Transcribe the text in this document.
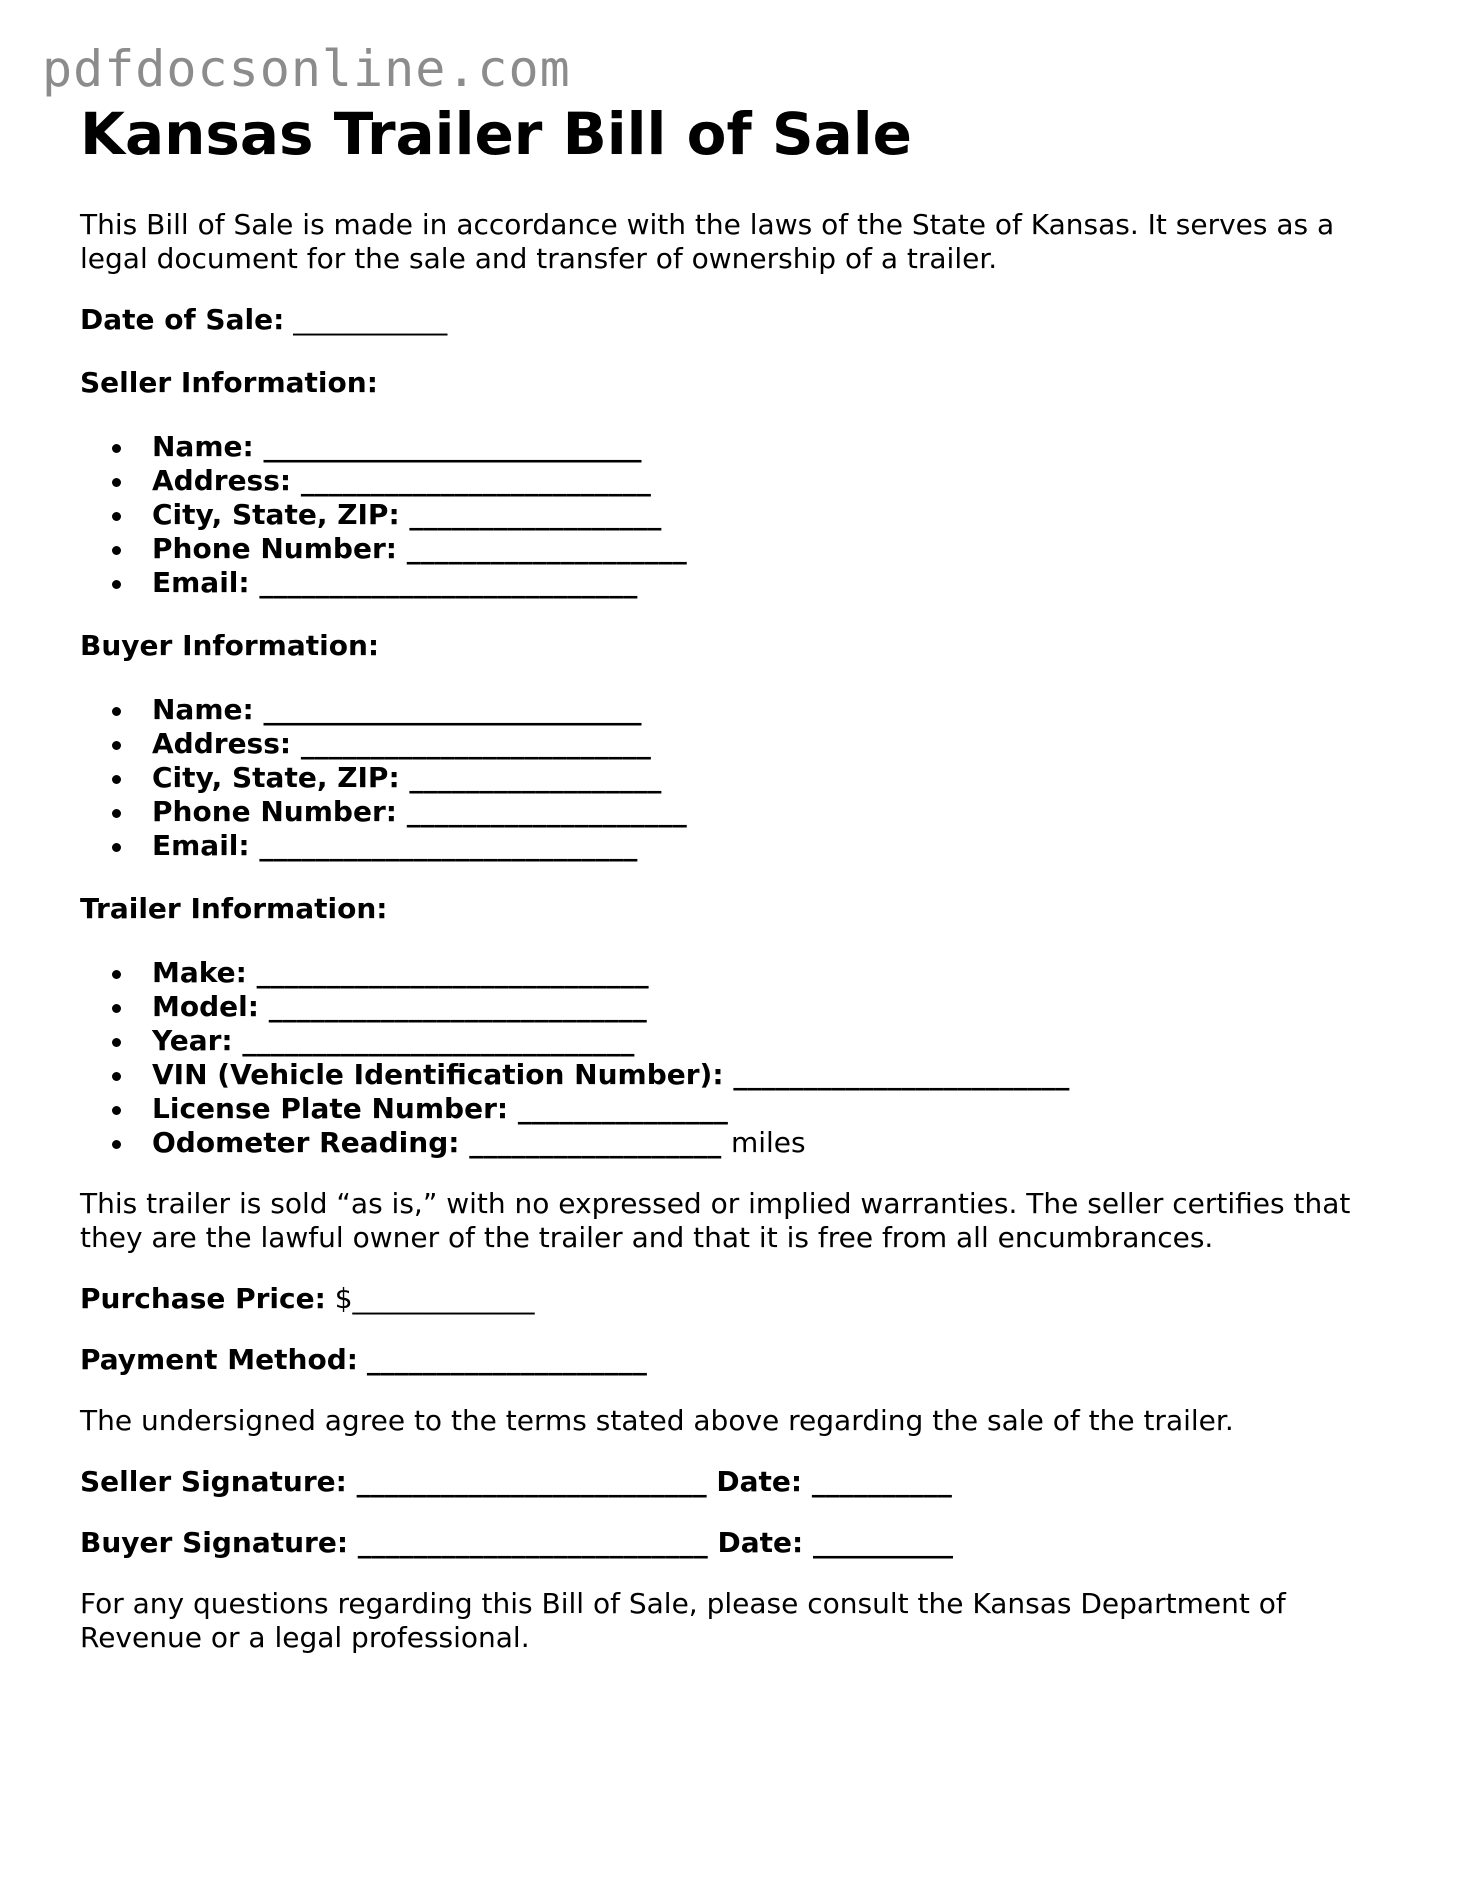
pdfdocsonline.com
Kansas Trailer Bill of Sale

This Bill of Sale is made in accordance with the laws of the State of Kansas. It serves as a legal document for the sale and transfer of ownership of a trailer.

Date of Sale: ___________

Seller Information:

Name: ___________________________
Address: _________________________
City, State, ZIP: __________________
Phone Number: ____________________
Email: ___________________________

Buyer Information:

Name: ___________________________
Address: _________________________
City, State, ZIP: __________________
Phone Number: ____________________
Email: ___________________________

Trailer Information:

Make: ____________________________
Model: ___________________________
Year: ____________________________
VIN (Vehicle Identification Number): ________________________
License Plate Number: _______________
Odometer Reading: __________________ miles

This trailer is sold “as is,” with no expressed or implied warranties. The seller certifies that they are the lawful owner of the trailer and that it is free from all encumbrances.

Purchase Price: $_____________

Payment Method: ____________________

The undersigned agree to the terms stated above regarding the sale of the trailer.

Seller Signature: _________________________ Date: __________

Buyer Signature: _________________________ Date: __________

For any questions regarding this Bill of Sale, please consult the Kansas Department of Revenue or a legal professional.
